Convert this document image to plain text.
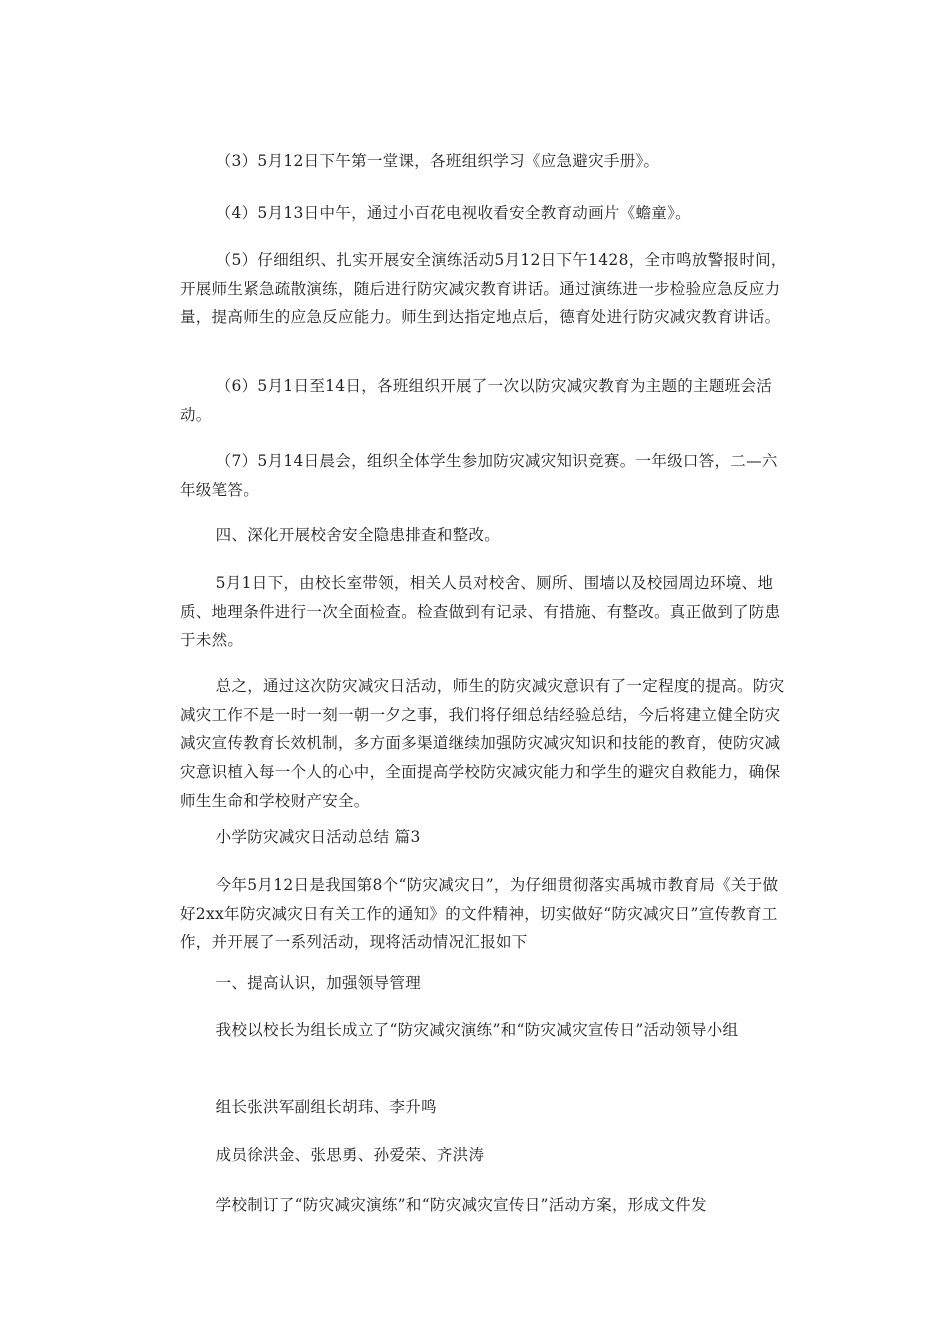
（3）5月12日下午第一堂课，各班组织学习《应急避灾手册》。

（4）5月13日中午，通过小百花电视收看安全教育动画片《蟾童》。

（5）仔细组织、扎实开展安全演练活动5月12日下午1428，全市鸣放警报时间，开展师生紧急疏散演练，随后进行防灾减灾教育讲话。通过演练进一步检验应急反应力量，提高师生的应急反应能力。师生到达指定地点后，德育处进行防灾减灾教育讲话。

（6）5月1日至14日，各班组织开展了一次以防灾减灾教育为主题的主题班会活动。

（7）5月14日晨会，组织全体学生参加防灾减灾知识竞赛。一年级口答，二—六年级笔答。

四、深化开展校舍安全隐患排查和整改。

5月1日下，由校长室带领，相关人员对校舍、厕所、围墙以及校园周边环境、地质、地理条件进行一次全面检查。检查做到有记录、有措施、有整改。真正做到了防患于未然。

总之，通过这次防灾减灾日活动，师生的防灾减灾意识有了一定程度的提高。防灾减灾工作不是一时一刻一朝一夕之事，我们将仔细总结经验总结，今后将建立健全防灾减灾宣传教育长效机制，多方面多渠道继续加强防灾减灾知识和技能的教育，使防灾减灾意识植入每一个人的心中，全面提高学校防灾减灾能力和学生的避灾自救能力，确保师生生命和学校财产安全。

小学防灾减灾日活动总结 篇3

今年5月12日是我国第8个“防灾减灾日”，为仔细贯彻落实禹城市教育局《关于做好2xx年防灾减灾日有关工作的通知》的文件精神，切实做好“防灾减灾日”宣传教育工作，并开展了一系列活动，现将活动情况汇报如下

一、提高认识，加强领导管理

我校以校长为组长成立了“防灾减灾演练”和“防灾减灾宣传日”活动领导小组

组长张洪军副组长胡玮、李升鸣

成员徐洪金、张思勇、孙爱荣、齐洪涛

学校制订了“防灾减灾演练”和“防灾减灾宣传日”活动方案，形成文件发
